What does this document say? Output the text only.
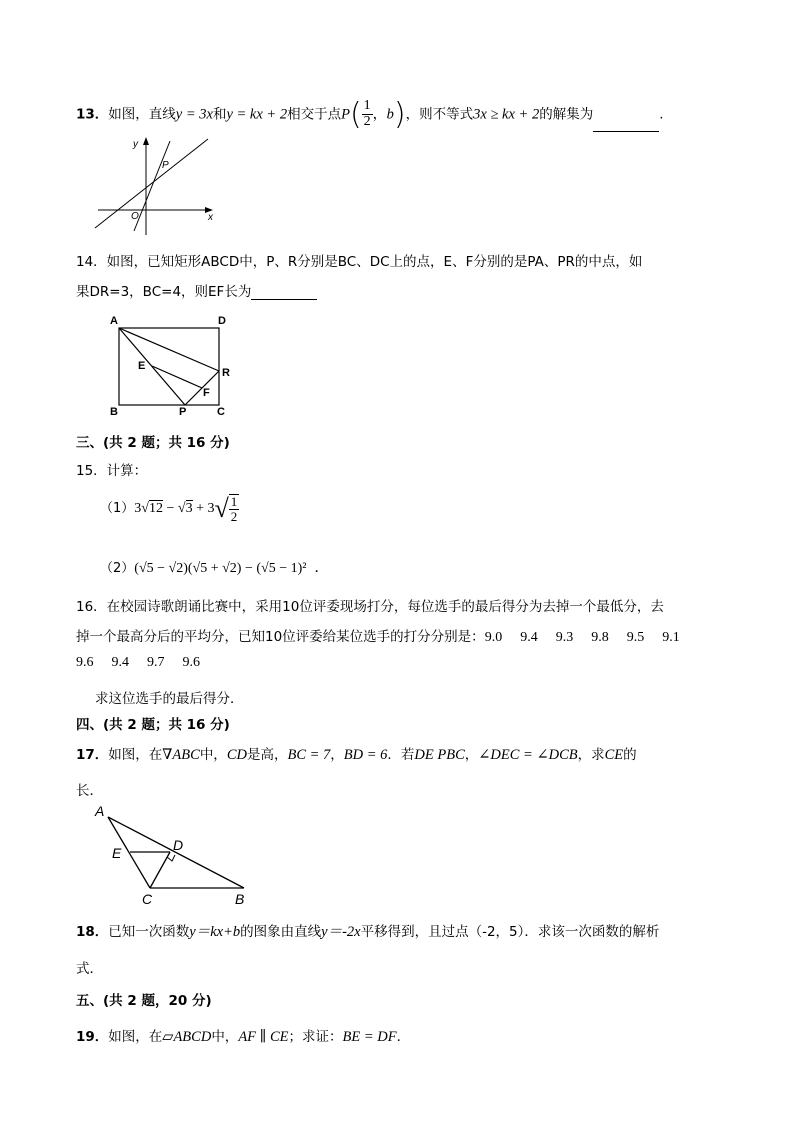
13．如图，直线y = 3x和y = kx + 2相交于点$P( \frac{1}{2}$ ，b)，则不等式3x ≥ kx + 2的解集为	.
y
x
O
P
14．如图，已知矩形ABCD中，P、R分别是BC、DC上的点，E、F分别的是PA、PR的中点，如
果DR=3，BC=4，则EF长为
A	D
E
R
F
B	P	C
三、(共 2 题；共 16 分)
15．计算：
$(1)3√12 - √3 + 3√ \frac{1}{2}$
（2）(√5 − √2)(√5 + √2) − (√5 − 1)² ．
16．在校园诗歌朗诵比赛中，采用10位评委现场打分，每位选手的最后得分为去掉一个最低分，去
掉一个最高分后的平均分，已知10位评委给某位选手的打分分别是：9.0 9.4 9.3 9.8 9.5 9.1
9.6 9.4 9.7 9.6
求这位选手的最后得分．
四、(共 2 题；共 16 分)
17．如图，在∇ABC中，CD是高，BC = 7，BD = 6．若DE PBC，∠DEC = ∠DCB，求CE的
长．
A
D
E
C	B
18．已知一次函数y＝kx+b的图象由直线y＝-2x平移得到，且过点（-2，5）．求该一次函数的解析
式．
五、(共 2 题，20 分)
19．如图，在▱ABCD中，AF ∥ CE；求证：BE = DF．
